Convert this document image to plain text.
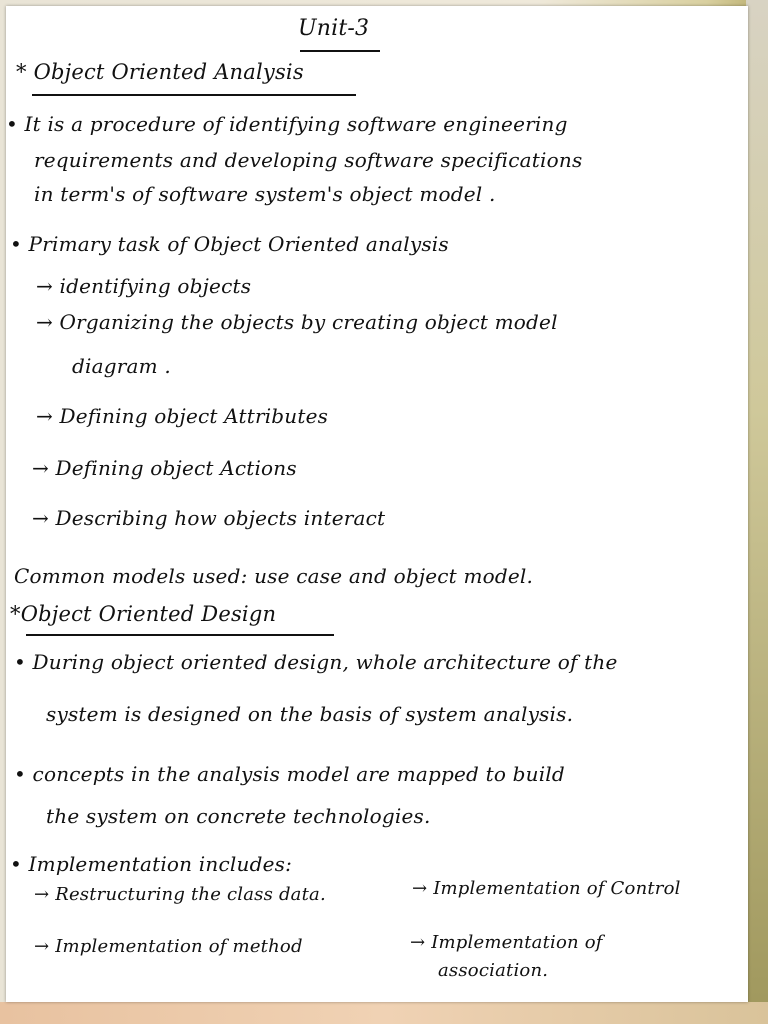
Unit-3
* Object Oriented Analysis
• It is a procedure of identifying software engineering
requirements and developing software specifications
in term's of software system's object model .
• Primary task of Object Oriented analysis
→ identifying objects
→ Organizing the objects by creating object model
diagram .
→ Defining object Attributes
→ Defining object Actions
→ Describing how objects interact
Common models used: use case and object model.
*Object Oriented Design
• During object oriented design, whole architecture of the
system is designed on the basis of system analysis.
• concepts in the analysis model are mapped to build
the system on concrete technologies.
• Implementation includes:
→ Restructuring the class data.	→ Implementation of Control
→ Implementation of method	→ Implementation of
association.
